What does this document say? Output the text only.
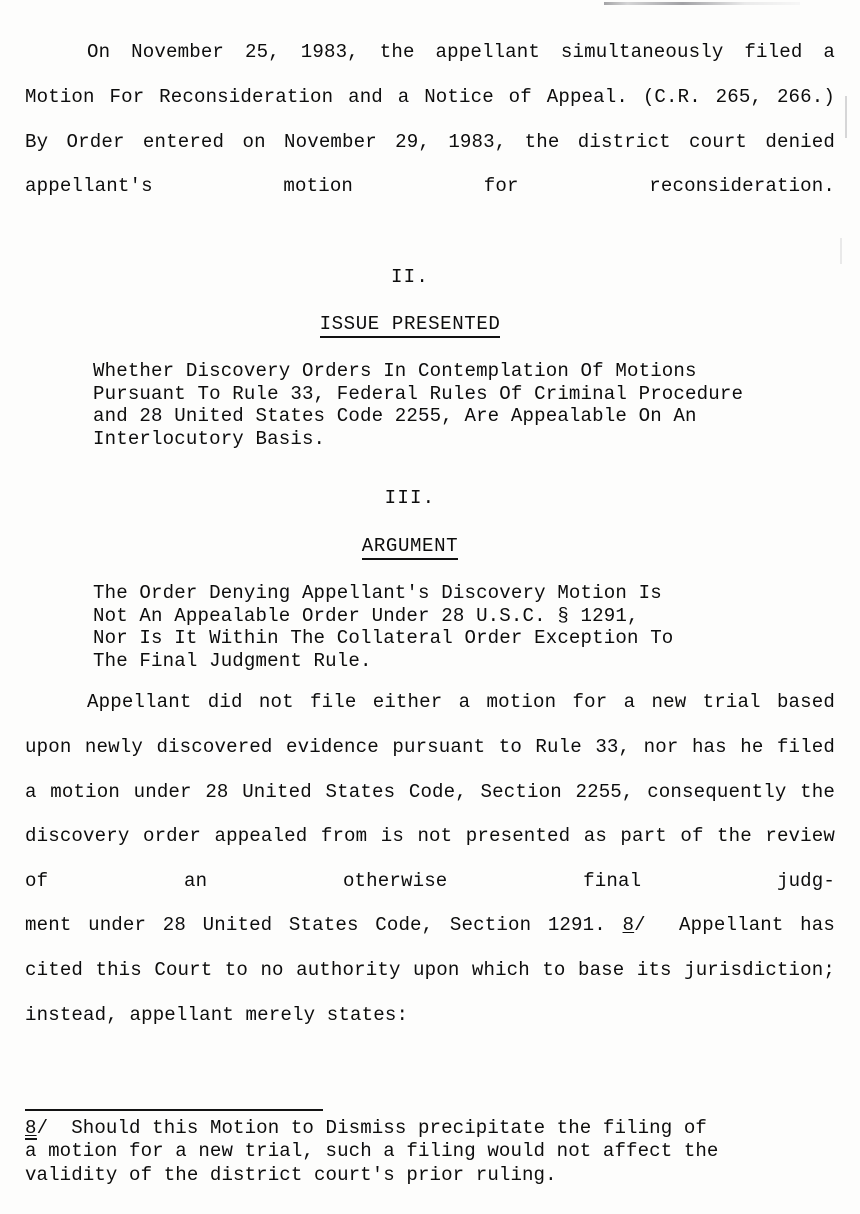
On November 25, 1983, the appellant simultaneously filed a Motion For Reconsideration and a Notice of Appeal. (C.R. 265, 266.)  By Order entered on November 29, 1983, the district court denied appellant's motion for reconsideration.
II.
ISSUE PRESENTED
Whether Discovery Orders In Contemplation Of Motions
Pursuant To Rule 33, Federal Rules Of Criminal Procedure
and 28 United States Code 2255, Are Appealable On An
Interlocutory Basis.
III.
ARGUMENT
The Order Denying Appellant's Discovery Motion Is
Not An Appealable Order Under 28 U.S.C. § 1291,
Nor Is It Within The Collateral Order Exception To
The Final Judgment Rule.
Appellant did not file either a motion for a new trial based upon newly discovered evidence pursuant to Rule 33, nor has he filed a motion under 28 United States Code, Section 2255, consequently the discovery order appealed from is not presented as part of the review of an otherwise final judg-
ment under 28 United States Code, Section 1291. 8/  Appellant has cited this Court to no authority upon which to base its jurisdiction; instead, appellant merely states:
8/  Should this Motion to Dismiss precipitate the filing of
a motion for a new trial, such a filing would not affect the
validity of the district court's prior ruling.
